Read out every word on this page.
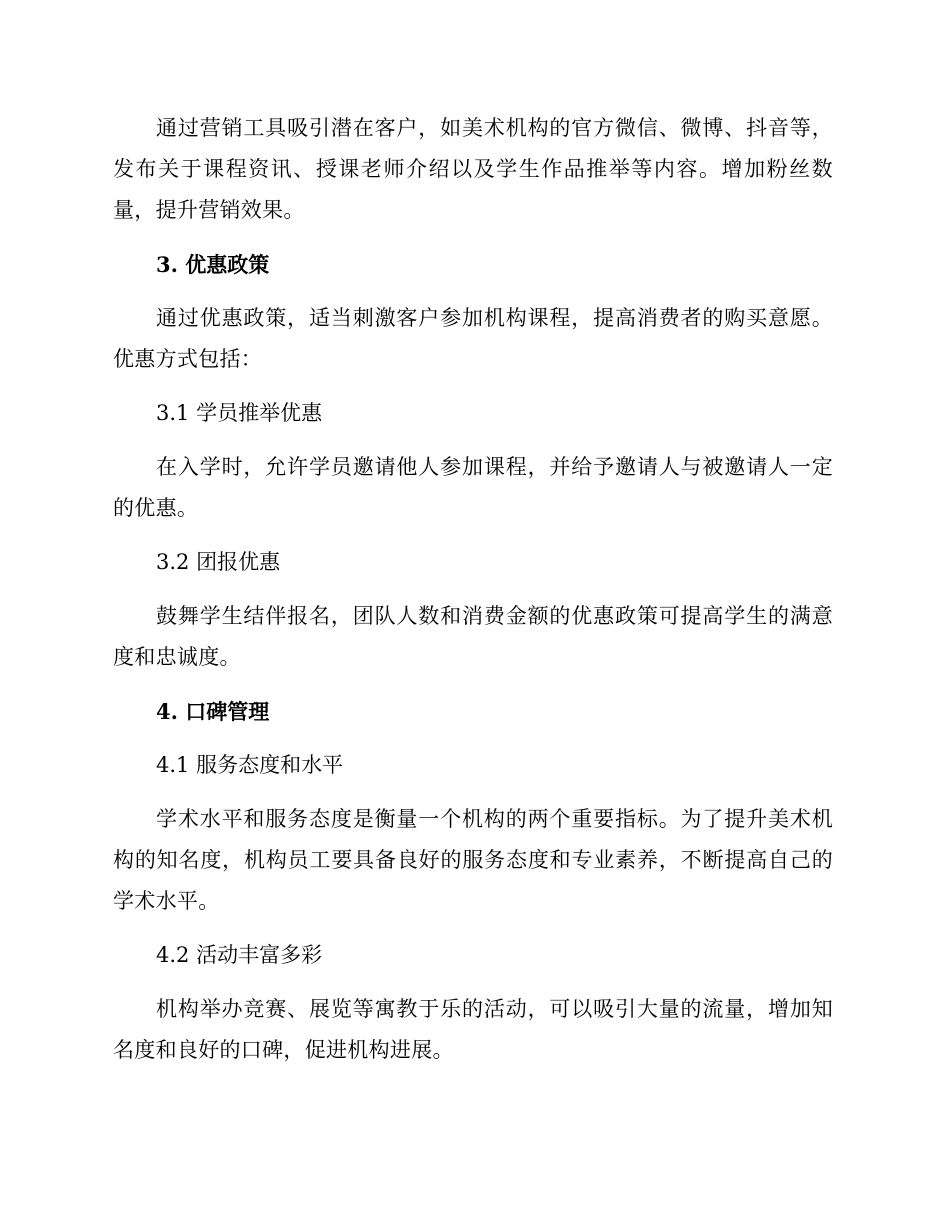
通过营销工具吸引潜在客户，如美术机构的官方微信、微博、抖音等，发布关于课程资讯、授课老师介绍以及学生作品推举等内容。增加粉丝数量，提升营销效果。

3. 优惠政策

通过优惠政策，适当刺激客户参加机构课程，提高消费者的购买意愿。优惠方式包括：

3.1 学员推举优惠

在入学时，允许学员邀请他人参加课程，并给予邀请人与被邀请人一定的优惠。

3.2 团报优惠

鼓舞学生结伴报名，团队人数和消费金额的优惠政策可提高学生的满意度和忠诚度。

4. 口碑管理

4.1 服务态度和水平

学术水平和服务态度是衡量一个机构的两个重要指标。为了提升美术机构的知名度，机构员工要具备良好的服务态度和专业素养，不断提高自己的学术水平。

4.2 活动丰富多彩

机构举办竞赛、展览等寓教于乐的活动，可以吸引大量的流量，增加知名度和良好的口碑，促进机构进展。
